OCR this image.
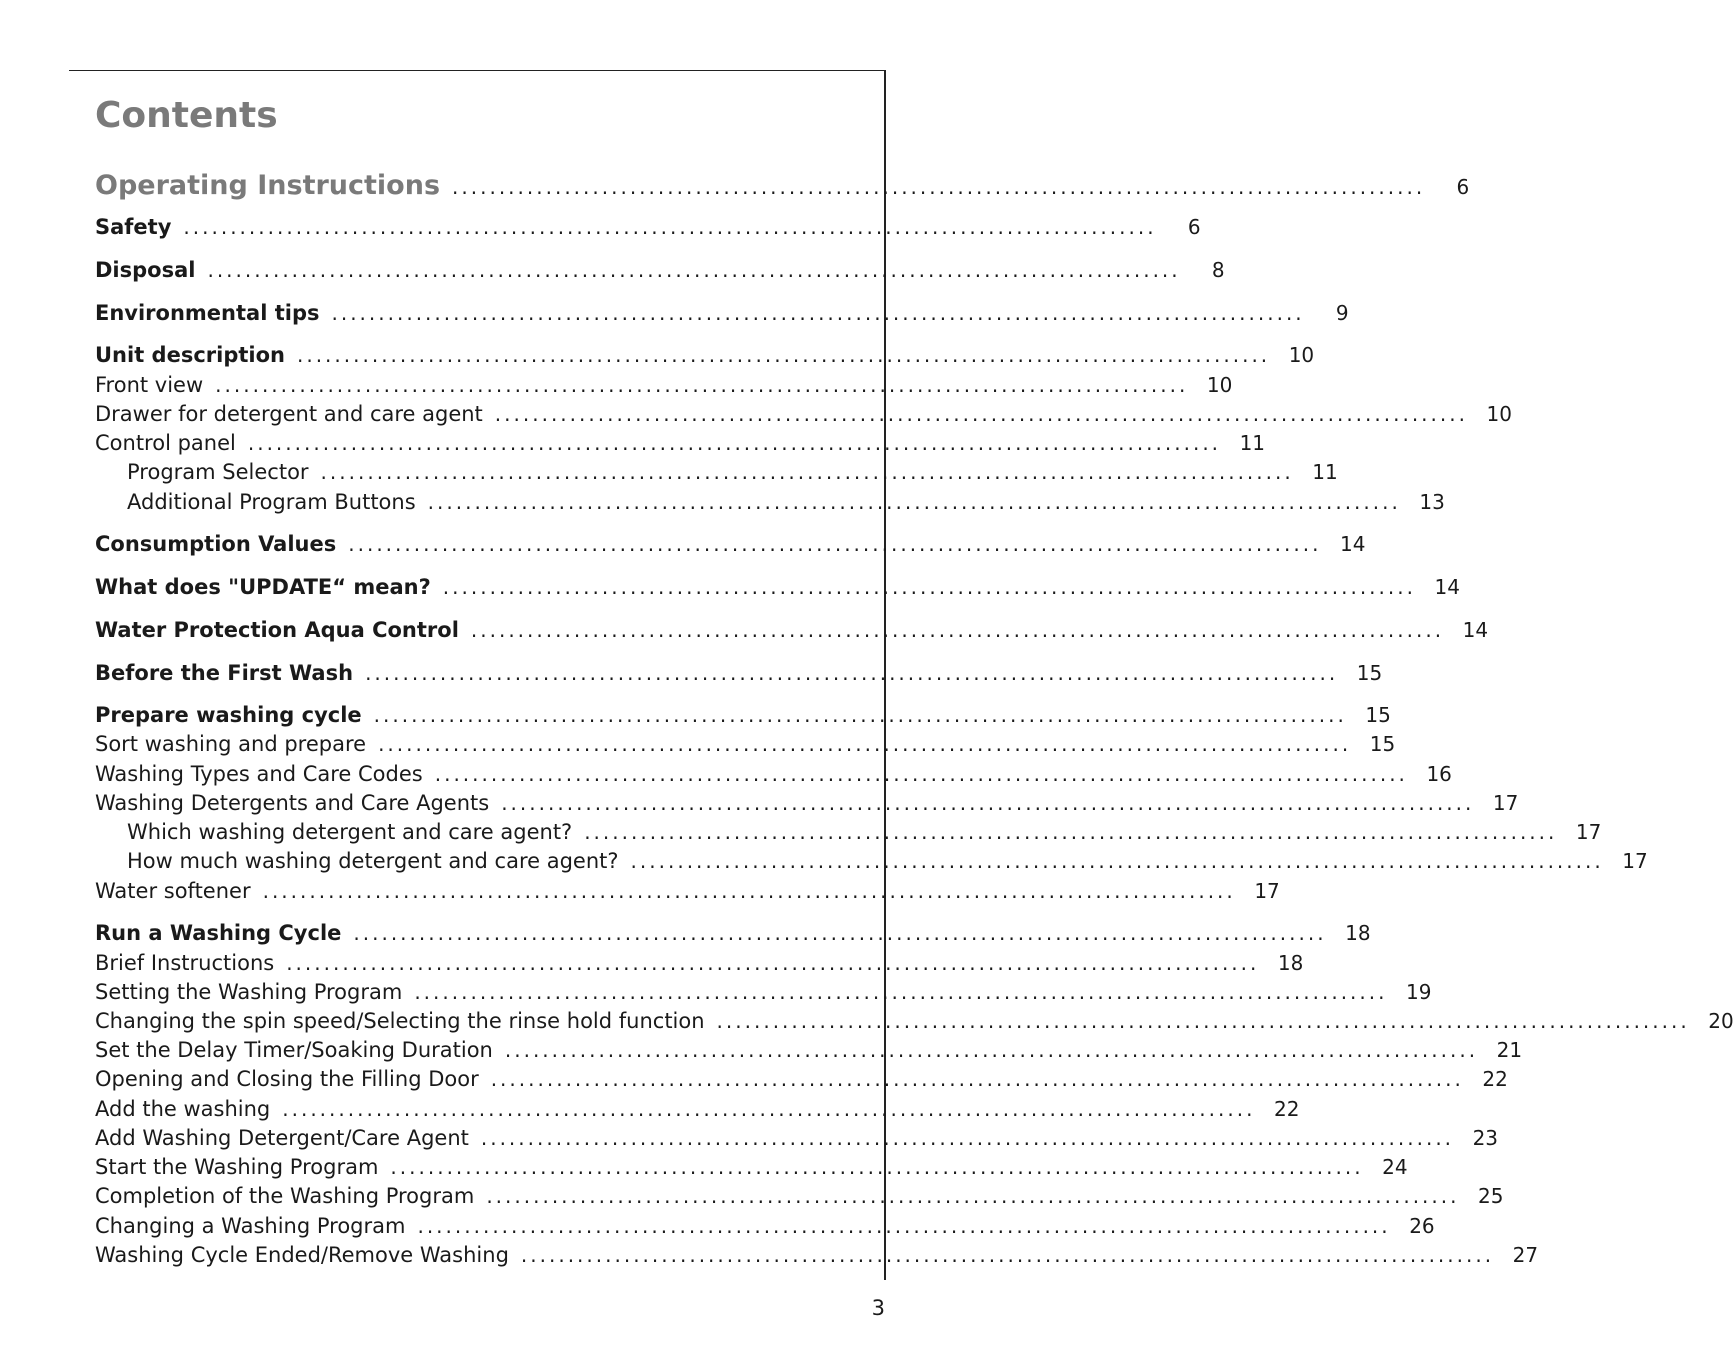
Contents
Operating Instructions ........................................................................................................	6
Safety ........................................................................................................	6
Disposal ........................................................................................................	8
Environmental tips ........................................................................................................	9
Unit description ........................................................................................................ 10
Front view ........................................................................................................ 10
Drawer for detergent and care agent ........................................................................................................ 10
Control panel ........................................................................................................ 11
Program Selector ........................................................................................................ 11
Additional Program Buttons ........................................................................................................ 13
Consumption Values ........................................................................................................ 14
What does "UPDATE“ mean? ........................................................................................................ 14
Water Protection Aqua Control ........................................................................................................ 14
Before the First Wash ........................................................................................................ 15
Prepare washing cycle ........................................................................................................ 15
Sort washing and prepare ........................................................................................................ 15
Washing Types and Care Codes ........................................................................................................ 16
Washing Detergents and Care Agents ........................................................................................................ 17
Which washing detergent and care agent? ........................................................................................................ 17
How much washing detergent and care agent? ........................................................................................................ 17
Water softener ........................................................................................................ 17
Run a Washing Cycle ........................................................................................................ 18
Brief Instructions ........................................................................................................ 18
Setting the Washing Program ........................................................................................................ 19
Changing the spin speed/Selecting the rinse hold function ........................................................................................................ 20
Set the Delay Timer/Soaking Duration ........................................................................................................ 21
Opening and Closing the Filling Door ........................................................................................................ 22
Add the washing ........................................................................................................ 22
Add Washing Detergent/Care Agent ........................................................................................................ 23
Start the Washing Program ........................................................................................................ 24
Completion of the Washing Program ........................................................................................................ 25
Changing a Washing Program ........................................................................................................ 26
Washing Cycle Ended/Remove Washing ........................................................................................................ 27
3
